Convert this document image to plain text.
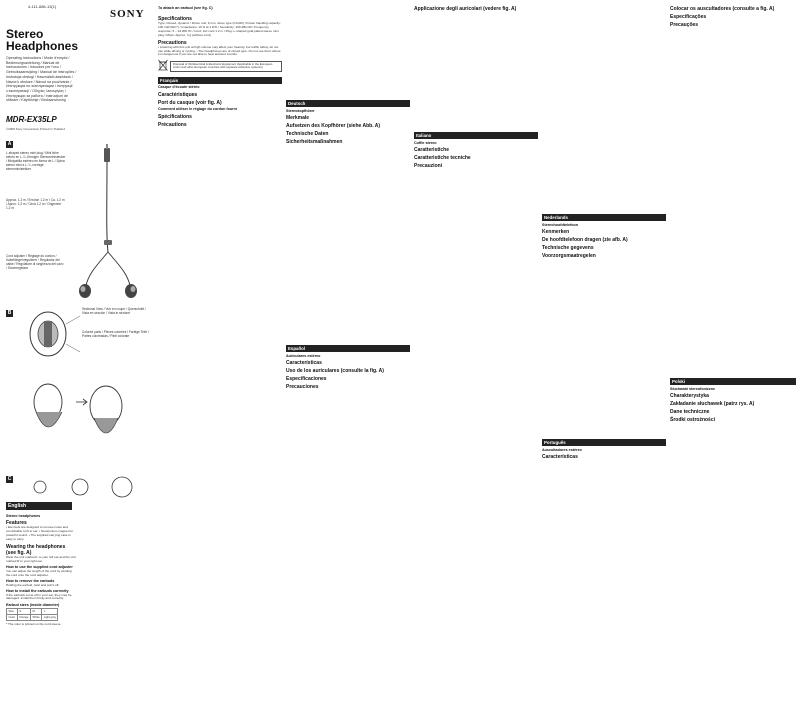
4-111-686-13(1)
SONY
Stereo
Headphones
Operating Instructions / Mode d'emploi /
Bedienungsanleitung / Manual de
instrucciones / Istruzioni per l'uso /
Gebruiksaanwijzing / Manual de instruções /
Instrukcja obsługi / Használati utasítások /
Návod k obsluze / Návod na používanie /
Инструкция по эксплуатации / Інструкції
з експлуатації / Οδηγίες λειτουργίας /
Инструкции за работа / Instrucţiuni de
utilizare / Käyttöohje / Bruksanvisning
MDR-EX35LP
©2008 Sony Corporation Printed in Thailand
A
L-shaped stereo mini plug / Mini fiche stéréo en L / L-förmiger Stereoministecker / Minipatilla estéreo en forma de L / Spina stereo mini a L / L-vormige stereoministekker
Approx. 1.2 m / Environ 1,2 m / Ca. 1,2 m / Aprox. 1,2 m / Circa 1,2 m / Ongeveer 1,2 m
Cord adjuster / Réglage du cordon / Kabellängenregulierer / Regulador del cable / Regolatore di lunghezza del cavo / Snoerregelaar
B
Sectional View / Vue en coupe / Querschnitt / Vista en sección / Vista in sezione
Colored parts / Pièces colorées / Farbige Teile / Partes coloreadas / Parti colorate
C
English
Stereo headphones
Features

• Ear buds are designed to remove noise and comfortable to fit in ear. • Neodymium magnet for powerful sound. • The supplied carrying case is easy to carry.

Wearing the headphones (see fig. A)

Wear the unit marked L to your left ear and the unit marked R to your right ear.

How to use the supplied cord adjuster

You can adjust the length of the cord by winding the cord onto the cord adjuster.

How to remove the earbuds

Holding the earbud, twist and pull it off.

How to install the earbuds correctly

If the earbuds come off in your ear, they may be damaged. Install them firmly and correctly.

Earbud sizes (inside diameter)
Size	S	M	L
Color	Orange	White	Light gray

* The color is printed on the cord sleeve.

To attach an earbud (see fig. C)
Specifications

Type: Closed, dynamic / Driver unit: 9 mm, dome type (CCAW) / Power handling capacity: 100 mW (IEC*) / Impedance: 16 Ω at 1 kHz / Sensitivity: 100 dB/mW / Frequency response: 5 – 24,000 Hz / Cord: Litz cord 1.2 m / Plug: L-shaped gold-plated stereo mini plug / Mass: Approx. 3 g (without cord)

Precautions

• Listening with this unit at high volume may affect your hearing. For traffic safety, do not use while driving or cycling. • The headphones are of closed type. Do not use them where it is dangerous if you are not able to hear ambient sounds.

Disposal of Old Electrical & Electronic Equipment (Applicable in the European Union and other European countries with separate collection systems)
Français
Casque d'écoute stéréo
Caractéristiques
Port du casque (voir fig. A)
Comment utiliser le réglage du cordon fourni
Spécifications
Précautions
Deutsch
Stereokopfhörer
Merkmale
Aufsetzen des Kopfhörer (siehe Abb. A)
Technische Daten
Sicherheitsmaßnahmen
Español
Auriculares estéreo
Características
Uso de los auriculares (consulte la fig. A)
Especificaciones
Precauciones
Applicazione degli auricolari (vedere fig. A)
Italiano
Cuffie stereo
Caratteristiche
Caratteristiche tecniche
Precauzioni
Nederlands
Stereohoofdtelefoon
Kenmerken
De hoofdtelefoon dragen (zie afb. A)
Technische gegevens
Voorzorgsmaatregelen
Português
Auscultadores estéreo
Características
Colocar os auscultadores (consulte a fig. A)
Especificações
Precauções
Polski
Słuchawki stereofoniczne
Charakterystyka
Zakładanie słuchawek (patrz rys. A)
Dane techniczne
Środki ostrożności
